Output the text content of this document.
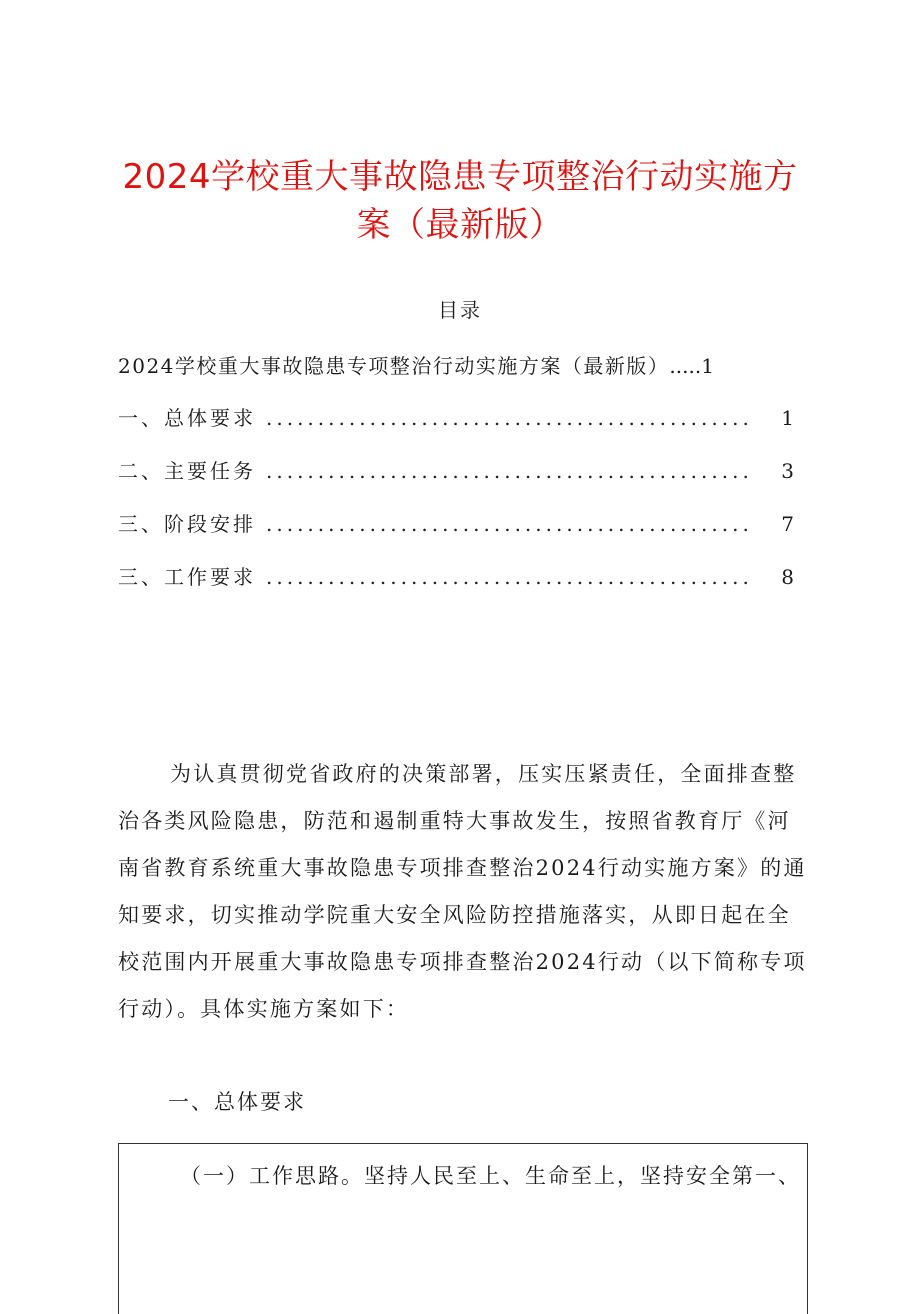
2024学校重大事故隐患专项整治行动实施方
案（最新版）
目录
2024学校重大事故隐患专项整治行动实施方案（最新版） ..... 1
一、总体要求 ...............................................	1
二、主要任务 ...............................................	3
三、阶段安排 ...............................................	7
三、工作要求 ...............................................	8
为认真贯彻党省政府的决策部署，压实压紧责任，全面排查整
治各类风险隐患，防范和遏制重特大事故发生，按照省教育厅《河
南省教育系统重大事故隐患专项排查整治2024行动实施方案》的通
知要求，切实推动学院重大安全风险防控措施落实，从即日起在全
校范围内开展重大事故隐患专项排查整治2024行动（以下简称专项
行动）。具体实施方案如下：
一、总体要求
（一）工作思路。坚持人民至上、生命至上，坚持安全第一、
